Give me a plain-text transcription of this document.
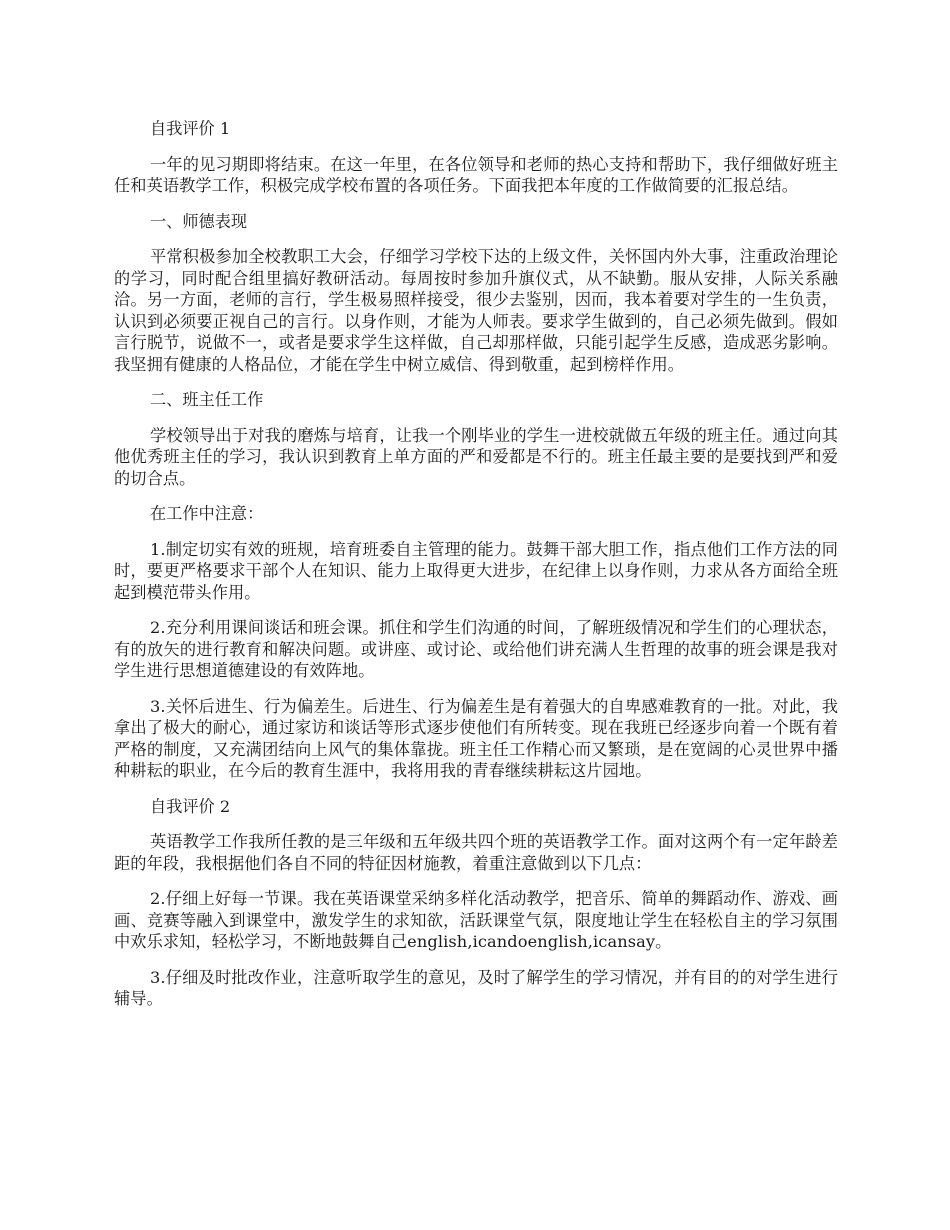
自我评价 1

一年的见习期即将结束。在这一年里，在各位领导和老师的热心支持和帮助下，我仔细做好班主任和英语教学工作，积极完成学校布置的各项任务。下面我把本年度的工作做简要的汇报总结。

一、师德表现

平常积极参加全校教职工大会，仔细学习学校下达的上级文件，关怀国内外大事，注重政治理论的学习，同时配合组里搞好教研活动。每周按时参加升旗仪式，从不缺勤。服从安排，人际关系融洽。另一方面，老师的言行，学生极易照样接受，很少去鉴别，因而，我本着要对学生的一生负责，认识到必须要正视自己的言行。以身作则，才能为人师表。要求学生做到的，自己必须先做到。假如言行脱节，说做不一，或者是要求学生这样做，自己却那样做，只能引起学生反感，造成恶劣影响。我坚拥有健康的人格品位，才能在学生中树立威信、得到敬重，起到榜样作用。

二、班主任工作

学校领导出于对我的磨炼与培育，让我一个刚毕业的学生一进校就做五年级的班主任。通过向其他优秀班主任的学习，我认识到教育上单方面的严和爱都是不行的。班主任最主要的是要找到严和爱的切合点。

在工作中注意：

1.制定切实有效的班规，培育班委自主管理的能力。鼓舞干部大胆工作，指点他们工作方法的同时，要更严格要求干部个人在知识、能力上取得更大进步，在纪律上以身作则，力求从各方面给全班起到模范带头作用。

2.充分利用课间谈话和班会课。抓住和学生们沟通的时间，了解班级情况和学生们的心理状态，有的放矢的进行教育和解决问题。或讲座、或讨论、或给他们讲充满人生哲理的故事的班会课是我对学生进行思想道德建设的有效阵地。

3.关怀后进生、行为偏差生。后进生、行为偏差生是有着强大的自卑感难教育的一批。对此，我拿出了极大的耐心，通过家访和谈话等形式逐步使他们有所转变。现在我班已经逐步向着一个既有着严格的制度，又充满团结向上风气的集体靠拢。班主任工作精心而又繁琐，是在宽阔的心灵世界中播种耕耘的职业，在今后的教育生涯中，我将用我的青春继续耕耘这片园地。

自我评价 2

英语教学工作我所任教的是三年级和五年级共四个班的英语教学工作。面对这两个有一定年龄差距的年段，我根据他们各自不同的特征因材施教，着重注意做到以下几点：

2.仔细上好每一节课。我在英语课堂采纳多样化活动教学，把音乐、简单的舞蹈动作、游戏、画画、竞赛等融入到课堂中，激发学生的求知欲，活跃课堂气氛，限度地让学生在轻松自主的学习氛围中欢乐求知，轻松学习，不断地鼓舞自己english,icandoenglish,icansay。

3.仔细及时批改作业，注意听取学生的意见，及时了解学生的学习情况，并有目的的对学生进行辅导。
